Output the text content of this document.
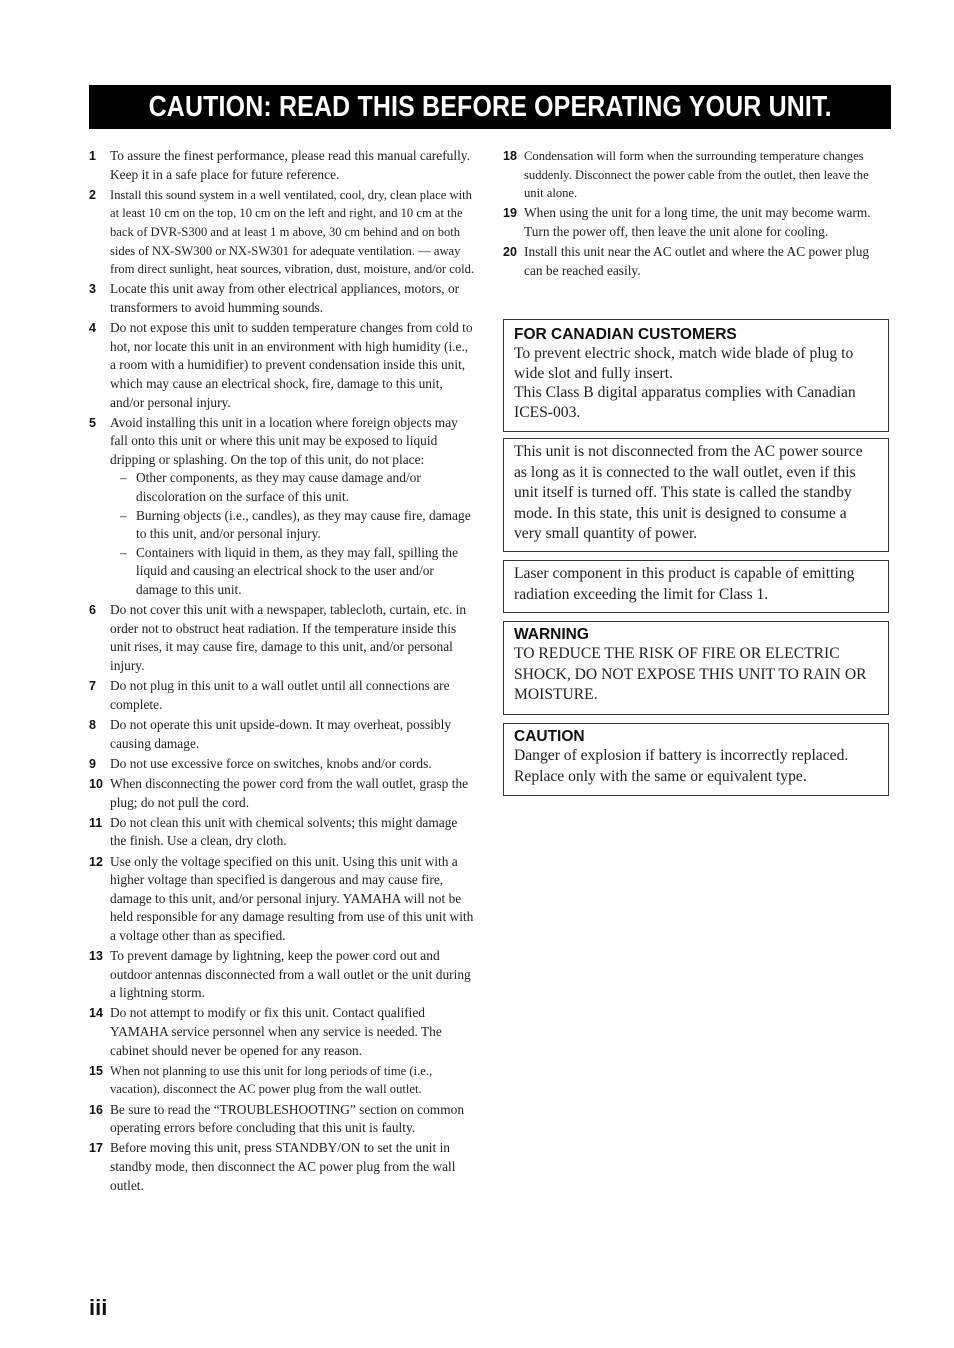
CAUTION: READ THIS BEFORE OPERATING YOUR UNIT.
1 To assure the finest performance, please read this manual carefully. Keep it in a safe place for future reference.
2 Install this sound system in a well ventilated, cool, dry, clean place with at least 10 cm on the top, 10 cm on the left and right, and 10 cm at the back of DVR-S300 and at least 1 m above, 30 cm behind and on both sides of NX-SW300 or NX-SW301 for adequate ventilation. — away from direct sunlight, heat sources, vibration, dust, moisture, and/or cold.
3 Locate this unit away from other electrical appliances, motors, or transformers to avoid humming sounds.
4 Do not expose this unit to sudden temperature changes from cold to hot, nor locate this unit in an environment with high humidity (i.e., a room with a humidifier) to prevent condensation inside this unit, which may cause an electrical shock, fire, damage to this unit, and/or personal injury.
5 Avoid installing this unit in a location where foreign objects may fall onto this unit or where this unit may be exposed to liquid dripping or splashing. On the top of this unit, do not place:
– Other components, as they may cause damage and/or discoloration on the surface of this unit.
– Burning objects (i.e., candles), as they may cause fire, damage to this unit, and/or personal injury.
– Containers with liquid in them, as they may fall, spilling the liquid and causing an electrical shock to the user and/or damage to this unit.
6 Do not cover this unit with a newspaper, tablecloth, curtain, etc. in order not to obstruct heat radiation. If the temperature inside this unit rises, it may cause fire, damage to this unit, and/or personal injury.
7 Do not plug in this unit to a wall outlet until all connections are complete.
8 Do not operate this unit upside-down. It may overheat, possibly causing damage.
9 Do not use excessive force on switches, knobs and/or cords.
10 When disconnecting the power cord from the wall outlet, grasp the plug; do not pull the cord.
11 Do not clean this unit with chemical solvents; this might damage the finish. Use a clean, dry cloth.
12 Use only the voltage specified on this unit. Using this unit with a higher voltage than specified is dangerous and may cause fire, damage to this unit, and/or personal injury. YAMAHA will not be held responsible for any damage resulting from use of this unit with a voltage other than as specified.
13 To prevent damage by lightning, keep the power cord out and outdoor antennas disconnected from a wall outlet or the unit during a lightning storm.
14 Do not attempt to modify or fix this unit. Contact qualified YAMAHA service personnel when any service is needed. The cabinet should never be opened for any reason.
15 When not planning to use this unit for long periods of time (i.e., vacation), disconnect the AC power plug from the wall outlet.
16 Be sure to read the “TROUBLESHOOTING” section on common operating errors before concluding that this unit is faulty.
17 Before moving this unit, press STANDBY/ON to set the unit in standby mode, then disconnect the AC power plug from the wall outlet.
18 Condensation will form when the surrounding temperature changes suddenly. Disconnect the power cable from the outlet, then leave the unit alone.
19 When using the unit for a long time, the unit may become warm. Turn the power off, then leave the unit alone for cooling.
20 Install this unit near the AC outlet and where the AC power plug can be reached easily.
FOR CANADIAN CUSTOMERS

To prevent electric shock, match wide blade of plug to wide slot and fully insert.

This Class B digital apparatus complies with Canadian ICES-003.

This unit is not disconnected from the AC power source as long as it is connected to the wall outlet, even if this unit itself is turned off. This state is called the standby mode. In this state, this unit is designed to consume a very small quantity of power.

Laser component in this product is capable of emitting radiation exceeding the limit for Class 1.

WARNING

TO REDUCE THE RISK OF FIRE OR ELECTRIC SHOCK, DO NOT EXPOSE THIS UNIT TO RAIN OR MOISTURE.

CAUTION

Danger of explosion if battery is incorrectly replaced. Replace only with the same or equivalent type.

iii
